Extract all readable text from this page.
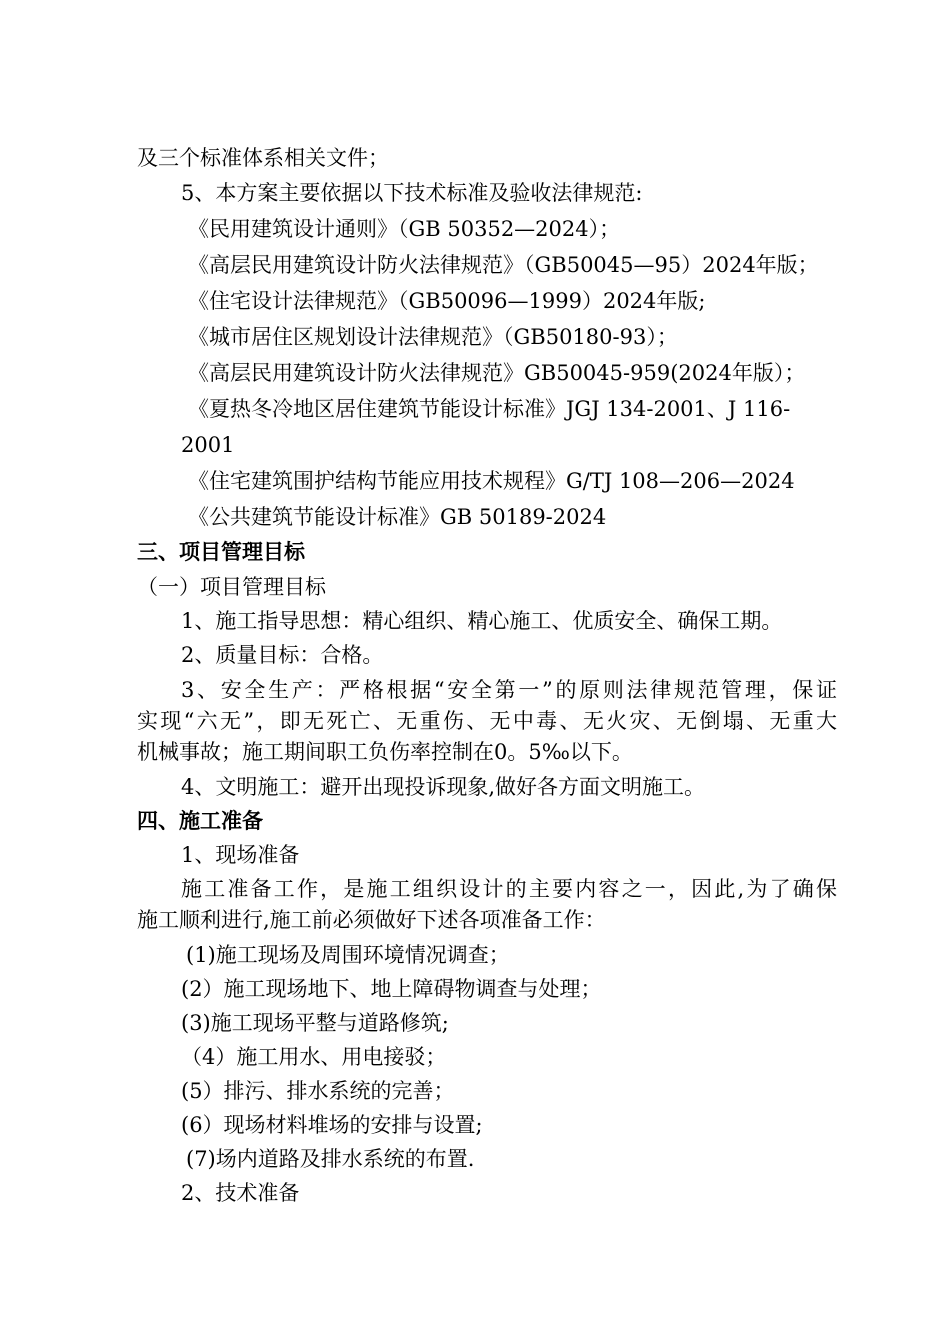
及三个标准体系相关文件；
5、本方案主要依据以下技术标准及验收法律规范:
《民用建筑设计通则》（GB 50352—2024）；
《高层民用建筑设计防火法律规范》（GB50045—95）2024年版；
《住宅设计法律规范》（GB50096—1999）2024年版;
《城市居住区规划设计法律规范》（GB50180-93）；
《高层民用建筑设计防火法律规范》GB50045-959(2024年版）；
《夏热冬冷地区居住建筑节能设计标准》JGJ 134-2001、J 116-
2001
《住宅建筑围护结构节能应用技术规程》G/TJ 108—206—2024
《公共建筑节能设计标准》GB 50189-2024
三、项目管理目标
（一）项目管理目标
1、施工指导思想：精心组织、精心施工、优质安全、确保工期。
2、质量目标：合格。
3、安全生产：严格根据“安全第一”的原则法律规范管理，保证
实现“六无”，即无死亡、无重伤、无中毒、无火灾、无倒塌、无重大
机械事故；施工期间职工负伤率控制在0。5‰以下。
4、文明施工：避开出现投诉现象,做好各方面文明施工。
四、施工准备
1、现场准备
施工准备工作，是施工组织设计的主要内容之一，因此,为了确保
施工顺利进行,施工前必须做好下述各项准备工作：
(1)施工现场及周围环境情况调查；
(2）施工现场地下、地上障碍物调查与处理；
(3)施工现场平整与道路修筑;
（4）施工用水、用电接驳；
(5）排污、排水系统的完善；
(6）现场材料堆场的安排与设置;
(7)场内道路及排水系统的布置.
2、技术准备
